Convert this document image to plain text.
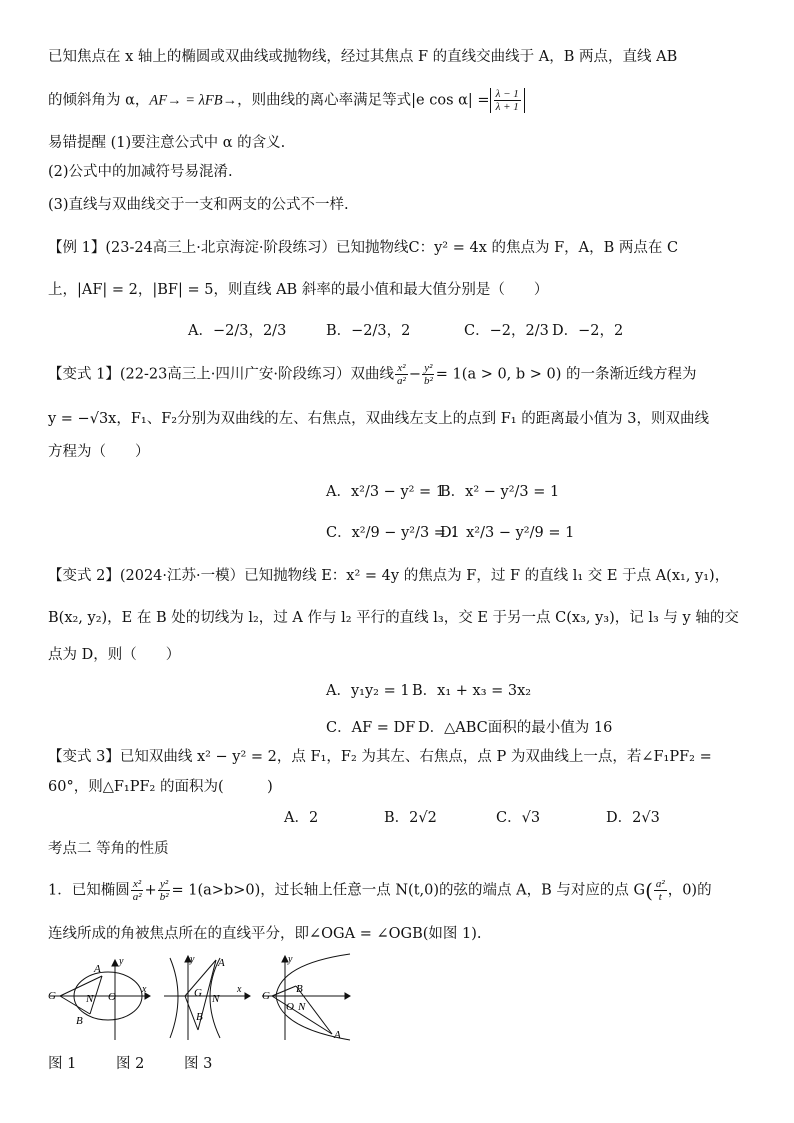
已知焦点在 x 轴上的椭圆或双曲线或抛物线，经过其焦点 F 的直线交曲线于 A，B 两点，直线 AB
的倾斜角为 α，AF→ = λFB→，则曲线的离心率满足等式|e $\cos \alpha| = \frac{\lambda - 1}{\lambda + 1}$
易错提醒 (1)要注意公式中 α 的含义.
(2)公式中的加减符号易混淆.
(3)直线与双曲线交于一支和两支的公式不一样.
【例 1】(23-24高三上·北京海淀·阶段练习）已知抛物线C：y² = 4x 的焦点为 F，A，B 两点在 C
上，|AF| = 2，|BF| = 5，则直线 AB 斜率的最小值和最大值分别是（　　）
A．−2/3，2/3	B．−2/3，2	C．−2，2/3 D．−2，2
【变式 1】(22-23高三上·四川广安·阶段练习）双曲线 $\frac{\text{x²}}{\text{a²}} - \frac{\text{y²}}{\text{b²}} = 1(a > 0$, b > 0) 的一条渐近线方程为
y = −√3x，F₁、F₂分别为双曲线的左、右焦点，双曲线左支上的点到 F₁ 的距离最小值为 3，则双曲线
方程为（　　）
A．x²/3 − y² = 1
B．x² − y²/3 = 1
C．x²/9 − y²/3 = 1
D．x²/3 − y²/9 = 1
【变式 2】(2024·江苏·一模）已知抛物线 E：x² = 4y 的焦点为 F，过 F 的直线 l₁ 交 E 于点 A(x₁, y₁)，
B(x₂, y₂)，E 在 B 处的切线为 l₂，过 A 作与 l₂ 平行的直线 l₃，交 E 于另一点 C(x₃, y₃)，记 l₃ 与 y 轴的交
点为 D，则（　　）
A．y₁y₂ = 1 B．x₁ + x₃ = 3x₂
C．AF = DF D．△ABC面积的最小值为 16
【变式 3】已知双曲线 x² − y² = 2，点 F₁，F₂ 为其左、右焦点，点 P 为双曲线上一点，若∠F₁PF₂ =
60°，则△F₁PF₂ 的面积为(　　　)
A．2	B．2√2	C．√3	D．2√3
考点二 等角的性质
1．已知椭圆 $\frac{\text{x²}}{\text{a²}} + \frac{\text{y²}}{\text{b²}} = 1(a>b>0)$，过长轴上任意一点 N(t,0)的弦的端点 A，B 与对应的点 $G( \frac{\text{a²}}{t}$ ，0)的
连线所成的角被焦点所在的直线平分，即∠OGA = ∠OGB(如图 1).
G	N O
A
B
x
y
G N
A
B
x
y
G
O N
B
A
y
图 1	图 2	图 3
